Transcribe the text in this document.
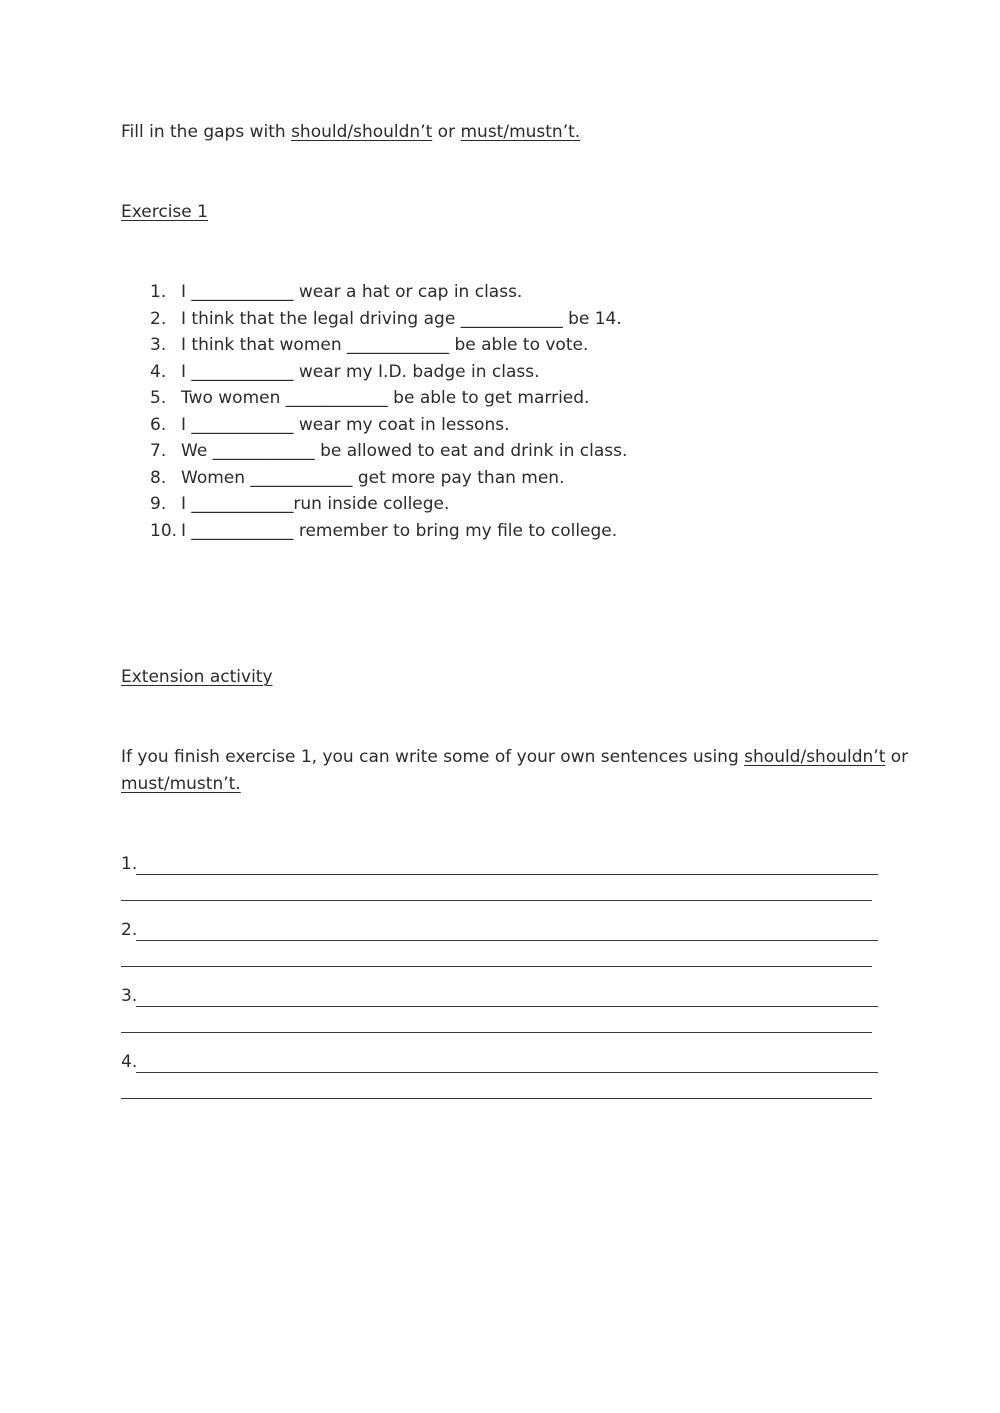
Fill in the gaps with should/shouldn’t or must/mustn’t.
Exercise 1
1. I ____________ wear a hat or cap in class.
2. I think that the legal driving age ____________ be 14.
3. I think that women ____________ be able to vote.
4. I ____________ wear my I.D. badge in class.
5. Two women ____________ be able to get married.
6. I ____________ wear my coat in lessons.
7. We ____________ be allowed to eat and drink in class.
8. Women ____________ get more pay than men.
9. I ____________run inside college.
10. I ____________ remember to bring my file to college.
Extension activity
If you finish exercise 1, you can write some of your own sentences using should/shouldn’t or
must/mustn’t.
1.
2.
3.
4.
